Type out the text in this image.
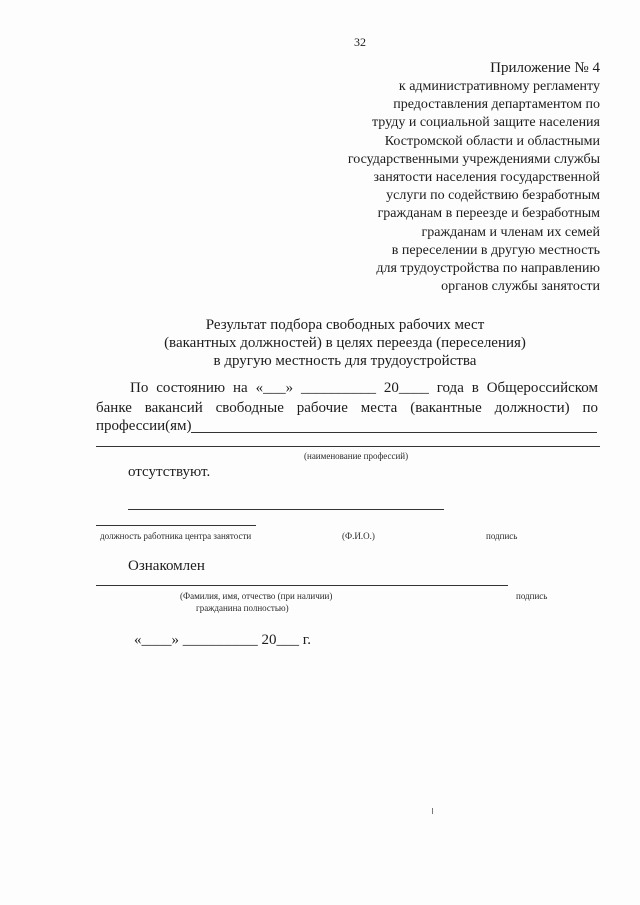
32
Приложение № 4
к административному регламенту
предоставления департаментом по
труду и социальной защите населения
Костромской области и областными
государственными учреждениями службы
занятости населения государственной
услуги по содействию безработным
гражданам в переезде и безработным
гражданам и членам их семей
в переселении в другую местность
для трудоустройства по направлению
органов службы занятости
Результат подбора свободных рабочих мест
(вакантных должностей) в целях переезда (переселения)
в другую местность для трудоустройства
По состоянию на «___» __________ 20____ года в Общероссийском
банке вакансий свободные рабочие места (вакантные должности) по
профессии(ям)
(наименование профессий)
отсутствуют.
должность работника центра занятости	(Ф.И.О.)	подпись
Ознакомлен
(Фамилия, имя, отчество (при наличии)
гражданина полностью)
подпись
«____» __________ 20___ г.
